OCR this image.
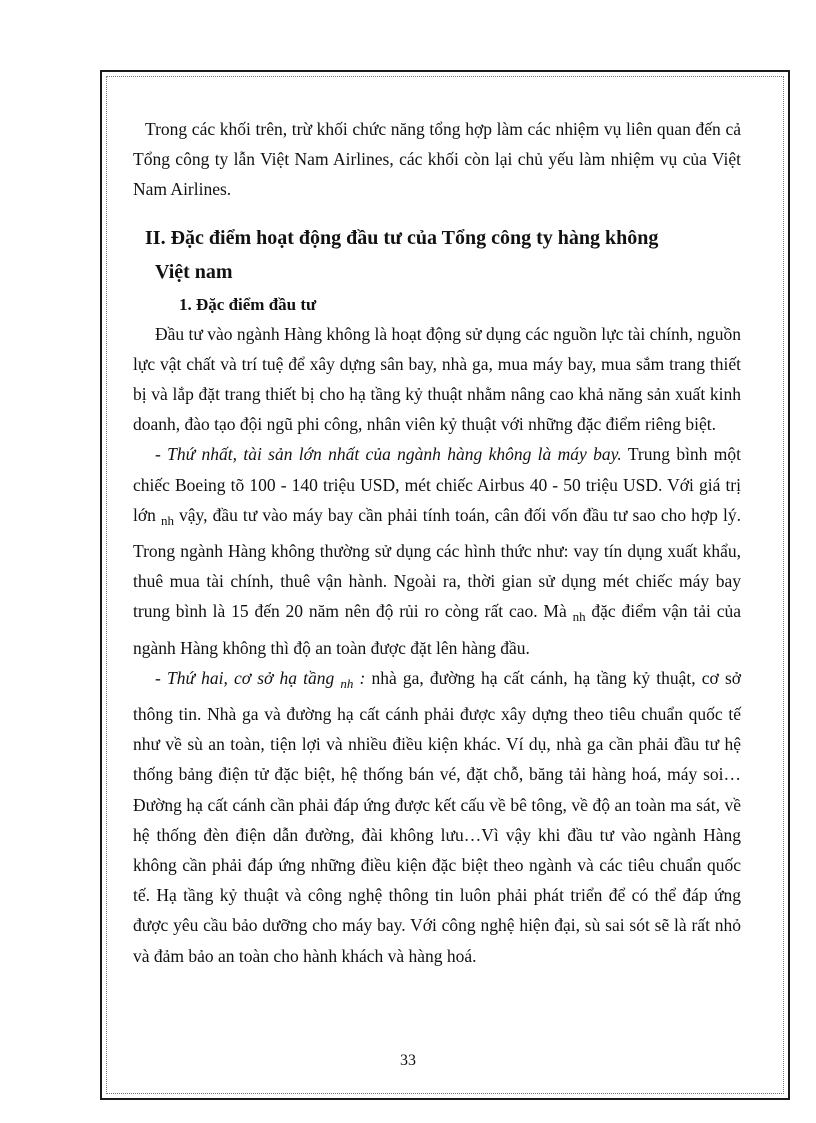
Trong các khối trên, trừ khối chức năng tổng hợp làm các nhiệm vụ liên quan đến cả Tổng công ty lẫn Việt Nam Airlines, các khối còn lại chủ yếu làm nhiệm vụ của Việt Nam Airlines.

II. Đặc điểm hoạt động đầu tư của Tổng công ty hàng không
Việt nam
1. Đặc điểm đầu tư

Đầu tư vào ngành Hàng không là hoạt động sử dụng các nguồn lực tài chính, nguồn lực vật chất và trí tuệ để xây dựng sân bay, nhà ga, mua máy bay, mua sắm trang thiết bị và lắp đặt trang thiết bị cho hạ tầng kỷ thuật nhằm nâng cao khả năng sản xuất kinh doanh, đào tạo đội ngũ phi công, nhân viên kỷ thuật với những đặc điểm riêng biệt.

- Thứ nhất, tài sản lớn nhất của ngành hàng không là máy bay. Trung bình một chiếc Boeing tõ 100 - 140 triệu USD, mét chiếc Airbus 40 - 50 triệu USD. Với giá trị lớn $_{nh}$ vậy, đầu tư vào máy bay cần phải tính toán, cân đối vốn đầu tư sao cho hợp lý. Trong ngành Hàng không thường sử dụng các hình thức như: vay tín dụng xuất khẩu, thuê mua tài chính, thuê vận hành. Ngoài ra, thời gian sử dụng mét chiếc máy bay trung bình là 15 đến 20 năm nên độ rủi ro còng rất cao. Mà $_{nh}$ đặc điểm vận tải của ngành Hàng không thì độ an toàn được đặt lên hàng đầu.

- Thứ hai, cơ sở hạ tầng $_{nh}$ : nhà ga, đường hạ cất cánh, hạ tầng kỷ thuật, cơ sở thông tin. Nhà ga và đường hạ cất cánh phải được xây dựng theo tiêu chuẩn quốc tế như về sù an toàn, tiện lợi và nhiều điều kiện khác. Ví dụ, nhà ga cần phải đầu tư hệ thống bảng điện tử đặc biệt, hệ thống bán vé, đặt chỗ, băng tải hàng hoá, máy soi…Đường hạ cất cánh cần phải đáp ứng được kết cấu về bê tông, về độ an toàn ma sát, về hệ thống đèn điện dẫn đường, đài không lưu…Vì vậy khi đầu tư vào ngành Hàng không cần phải đáp ứng những điều kiện đặc biệt theo ngành và các tiêu chuẩn quốc tế. Hạ tầng kỷ thuật và công nghệ thông tin luôn phải phát triển để có thể đáp ứng được yêu cầu bảo dưỡng cho máy bay. Với công nghệ hiện đại, sù sai sót sẽ là rất nhỏ và đảm bảo an toàn cho hành khách và hàng hoá.

33
